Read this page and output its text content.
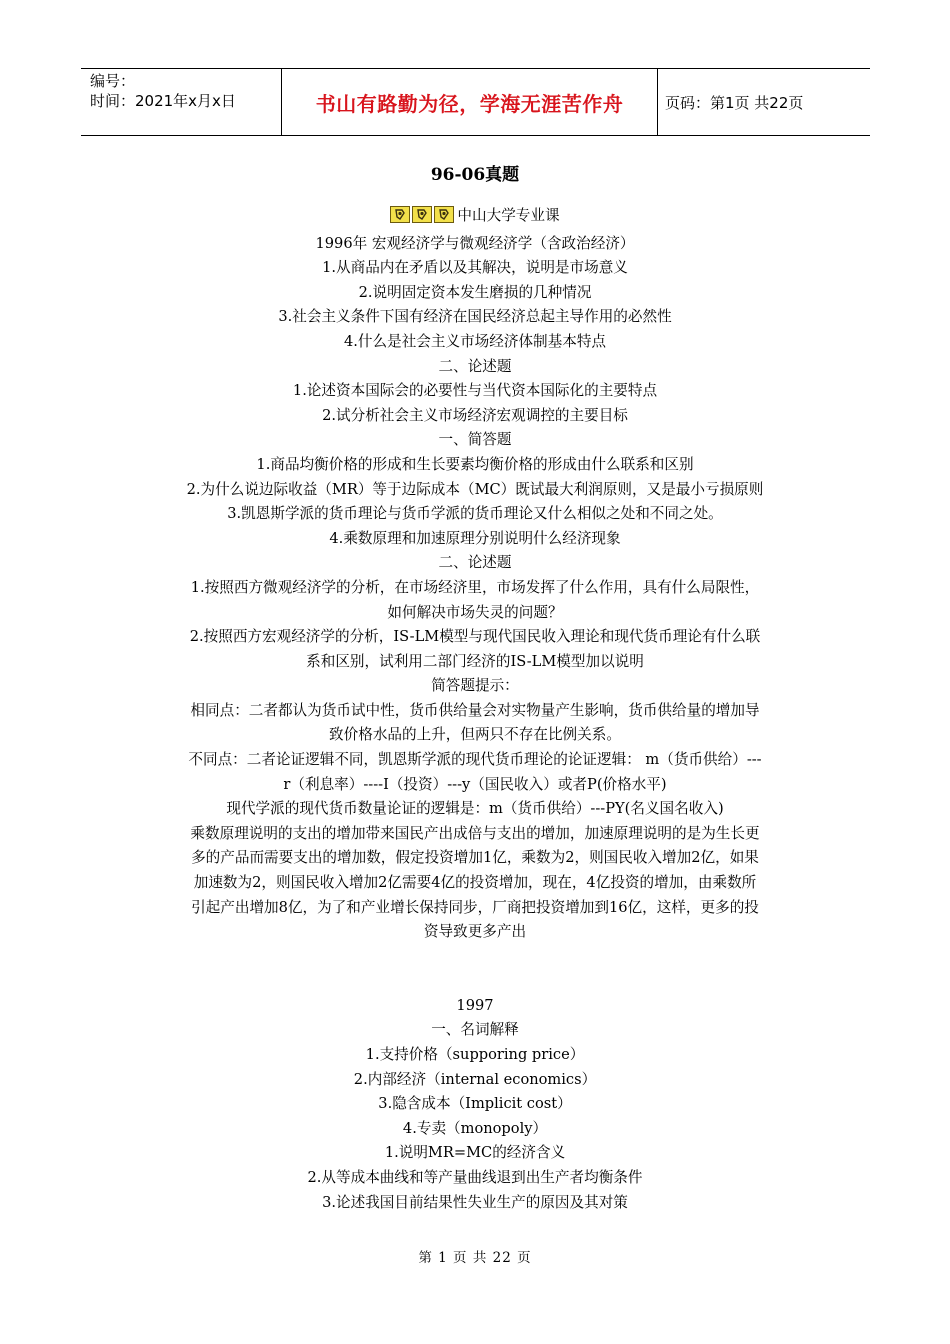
编号：
时间：2021年x月x日	书山有路勤为径，学海无涯苦作舟	页码：第1页 共22页
96-06真题

中山大学专业课

1996年 宏观经济学与微观经济学（含政治经济）

1.从商品内在矛盾以及其解决，说明是市场意义

2.说明固定资本发生磨损的几种情况

3.社会主义条件下国有经济在国民经济总起主导作用的必然性

4.什么是社会主义市场经济体制基本特点

二、论述题

1.论述资本国际会的必要性与当代资本国际化的主要特点

2.试分析社会主义市场经济宏观调控的主要目标

一、简答题

1.商品均衡价格的形成和生长要素均衡价格的形成由什么联系和区别

2.为什么说边际收益（MR）等于边际成本（MC）既试最大利润原则，又是最小亏损原则

3.凯恩斯学派的货币理论与货币学派的货币理论又什么相似之处和不同之处。

4.乘数原理和加速原理分别说明什么经济现象

二、论述题

1.按照西方微观经济学的分析，在市场经济里，市场发挥了什么作用，具有什么局限性，

如何解决市场失灵的问题？

2.按照西方宏观经济学的分析，IS-LM模型与现代国民收入理论和现代货币理论有什么联

系和区别，试利用二部门经济的IS-LM模型加以说明

简答题提示：

相同点：二者都认为货币试中性，货币供给量会对实物量产生影响，货币供给量的增加导

致价格水品的上升，但两只不存在比例关系。

不同点：二者论证逻辑不同，凯恩斯学派的现代货币理论的论证逻辑： m（货币供给）---

r（利息率）----I（投资）---y（国民收入）或者P(价格水平)

现代学派的现代货币数量论证的逻辑是：m（货币供给）---PY(名义国名收入)

乘数原理说明的支出的增加带来国民产出成倍与支出的增加，加速原理说明的是为生长更

多的产品而需要支出的增加数，假定投资增加1亿，乘数为2，则国民收入增加2亿，如果

加速数为2，则国民收入增加2亿需要4亿的投资增加，现在，4亿投资的增加，由乘数所

引起产出增加8亿，为了和产业增长保持同步，厂商把投资增加到16亿，这样，更多的投

资导致更多产出

1997

一、名词解释

1.支持价格（supporing price）

2.内部经济（internal economics）

3.隐含成本（Implicit cost）

4.专卖（monopoly）

1.说明MR=MC的经济含义

2.从等成本曲线和等产量曲线退到出生产者均衡条件

3.论述我国目前结果性失业生产的原因及其对策

第 1 页 共 22 页
